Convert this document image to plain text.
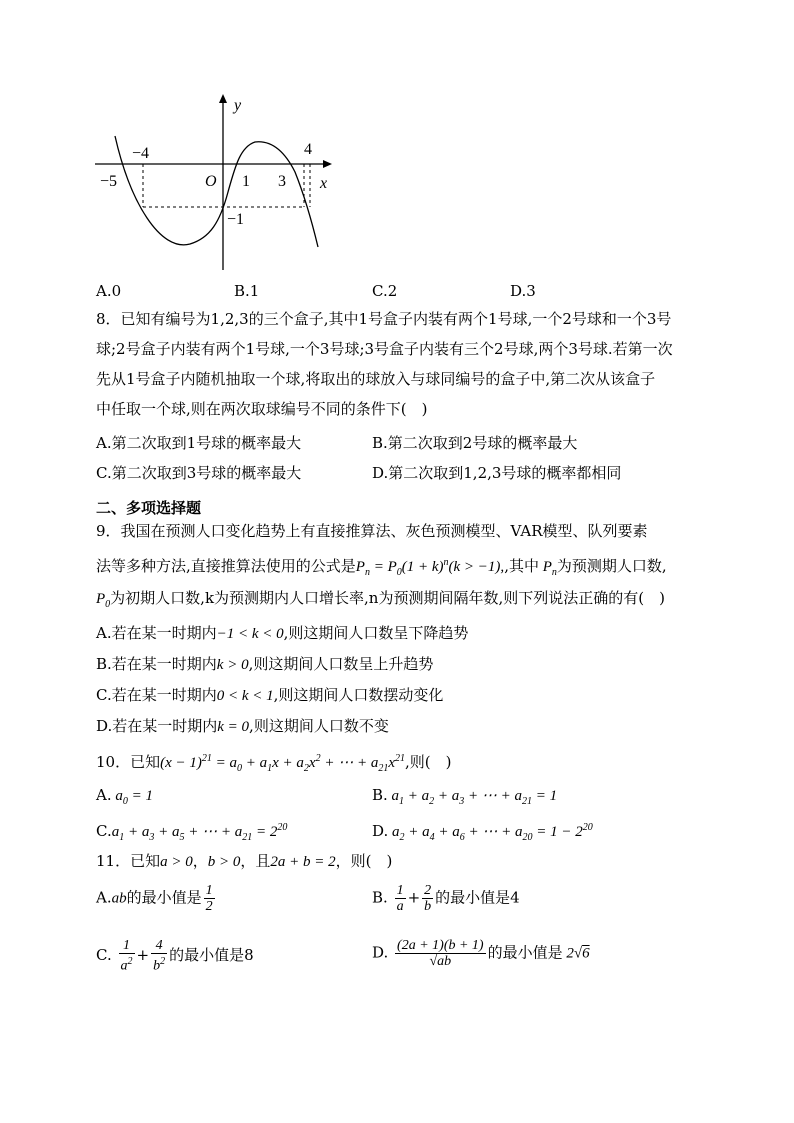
y
x
−4
−5	O 1 3
4
−1
A.0	B.1	C.2	D.3
8．已知有编号为1,2,3的三个盒子,其中1号盒子内装有两个1号球,一个2号球和一个3号
球;2号盒子内装有两个1号球,一个3号球;3号盒子内装有三个2号球,两个3号球.若第一次
先从1号盒子内随机抽取一个球,将取出的球放入与球同编号的盒子中,第二次从该盒子
中任取一个球,则在两次取球编号不同的条件下(　)
A.第二次取到1号球的概率最大	B.第二次取到2号球的概率最大
C.第二次取到3号球的概率最大	D.第二次取到1,2,3号球的概率都相同
二、多项选择题
9．我国在预测人口变化趋势上有直接推算法、灰色预测模型、VAR模型、队列要素
法等多种方法,直接推算法使用的公式是$P_n = P_0(1 + k)^n(k > -1)$,,其中 $P_n$为预测期人口数,
$P_0$为初期人口数,k为预测期内人口增长率,n为预测期间隔年数,则下列说法正确的有(　)
A.若在某一时期内−1 < k < 0,则这期间人口数呈下降趋势
B.若在某一时期内k > 0,则这期间人口数呈上升趋势
C.若在某一时期内0 < k < 1,则这期间人口数摆动变化
D.若在某一时期内k = 0,则这期间人口数不变
10．已知$(x - 1)^{21} = a_0 + a_1x + a_2x^2$ + ⋯ + $a_{21}x^{21}$,则(　)
A. $a_0 = 1$	B. $a_1 + a_2 + a_3$ + ⋯ + $a_{21} = 1$
$C.a_1 + a_3 + a_5$ + ⋯ + $a_{21} = 2^{20}$	D. $a_2 + a_4 + a_6$ + ⋯ + $a_{20} = 1 - 2^{20}$
11．已知a > 0，b > 0，且2a + b = 2，则(　)
A.ab的最小值是 $\frac{1}{2}$	B. $\frac{1}{a} + \frac{2}{b}$ 的最小值是4
C. $\frac{1}{a^2} + \frac{4}{b^2}$ 的最小值是8	D. $\frac{(2a + 1)(b + 1)}{√ab}$ 的最小值是 2√6
